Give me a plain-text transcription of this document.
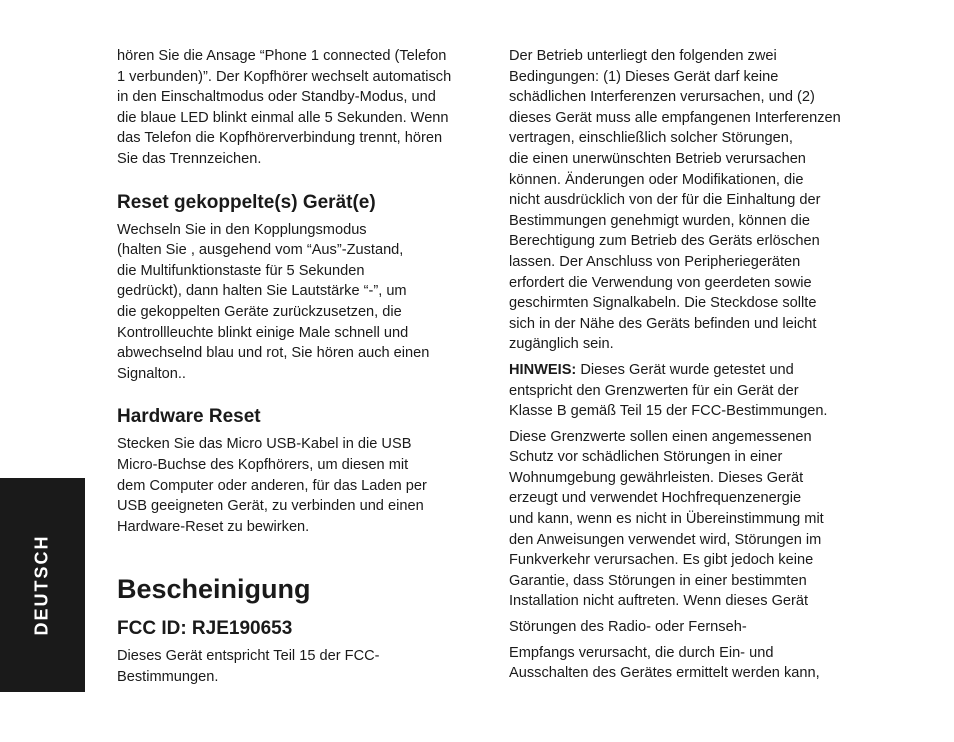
DEUTSCH

hören Sie die Ansage “Phone 1 connected (Telefon
1 verbunden)”. Der Kopfhörer wechselt automatisch
in den Einschaltmodus oder Standby-Modus, und
die blaue LED blinkt einmal alle 5 Sekunden. Wenn
das Telefon die Kopfhörerverbindung trennt, hören
Sie das Trennzeichen.

Reset gekoppelte(s) Gerät(e)

Wechseln Sie in den Kopplungsmodus
(halten Sie , ausgehend vom “Aus”-Zustand,
die Multifunktionstaste für 5 Sekunden
gedrückt), dann halten Sie Lautstärke “-”, um
die gekoppelten Geräte zurückzusetzen, die
Kontrollleuchte blinkt einige Male schnell und
abwechselnd blau und rot, Sie hören auch einen
Signalton..

Hardware Reset

Stecken Sie das Micro USB-Kabel in die USB
Micro-Buchse des Kopfhörers, um diesen mit
dem Computer oder anderen, für das Laden per
USB geeigneten Gerät, zu verbinden und einen
Hardware-Reset zu bewirken.

Bescheinigung
FCC ID: RJE190653

Dieses Gerät entspricht Teil 15 der FCC-
Bestimmungen.

Der Betrieb unterliegt den folgenden zwei
Bedingungen: (1) Dieses Gerät darf keine
schädlichen Interferenzen verursachen, und (2)
dieses Gerät muss alle empfangenen Interferenzen
vertragen, einschließlich solcher Störungen,
die einen unerwünschten Betrieb verursachen
können. Änderungen oder Modifikationen, die
nicht ausdrücklich von der für die Einhaltung der
Bestimmungen genehmigt wurden, können die
Berechtigung zum Betrieb des Geräts erlöschen
lassen. Der Anschluss von Peripheriegeräten
erfordert die Verwendung von geerdeten sowie
geschirmten Signalkabeln. Die Steckdose sollte
sich in der Nähe des Geräts befinden und leicht
zugänglich sein.

HINWEIS: Dieses Gerät wurde getestet und
entspricht den Grenzwerten für ein Gerät der
Klasse B gemäß Teil 15 der FCC-Bestimmungen.

Diese Grenzwerte sollen einen angemessenen
Schutz vor schädlichen Störungen in einer
Wohnumgebung gewährleisten. Dieses Gerät
erzeugt und verwendet Hochfrequenzenergie
und kann, wenn es nicht in Übereinstimmung mit
den Anweisungen verwendet wird, Störungen im
Funkverkehr verursachen. Es gibt jedoch keine
Garantie, dass Störungen in einer bestimmten
Installation nicht auftreten. Wenn dieses Gerät

Störungen des Radio- oder Fernseh-

Empfangs verursacht, die durch Ein- und
Ausschalten des Gerätes ermittelt werden kann,
